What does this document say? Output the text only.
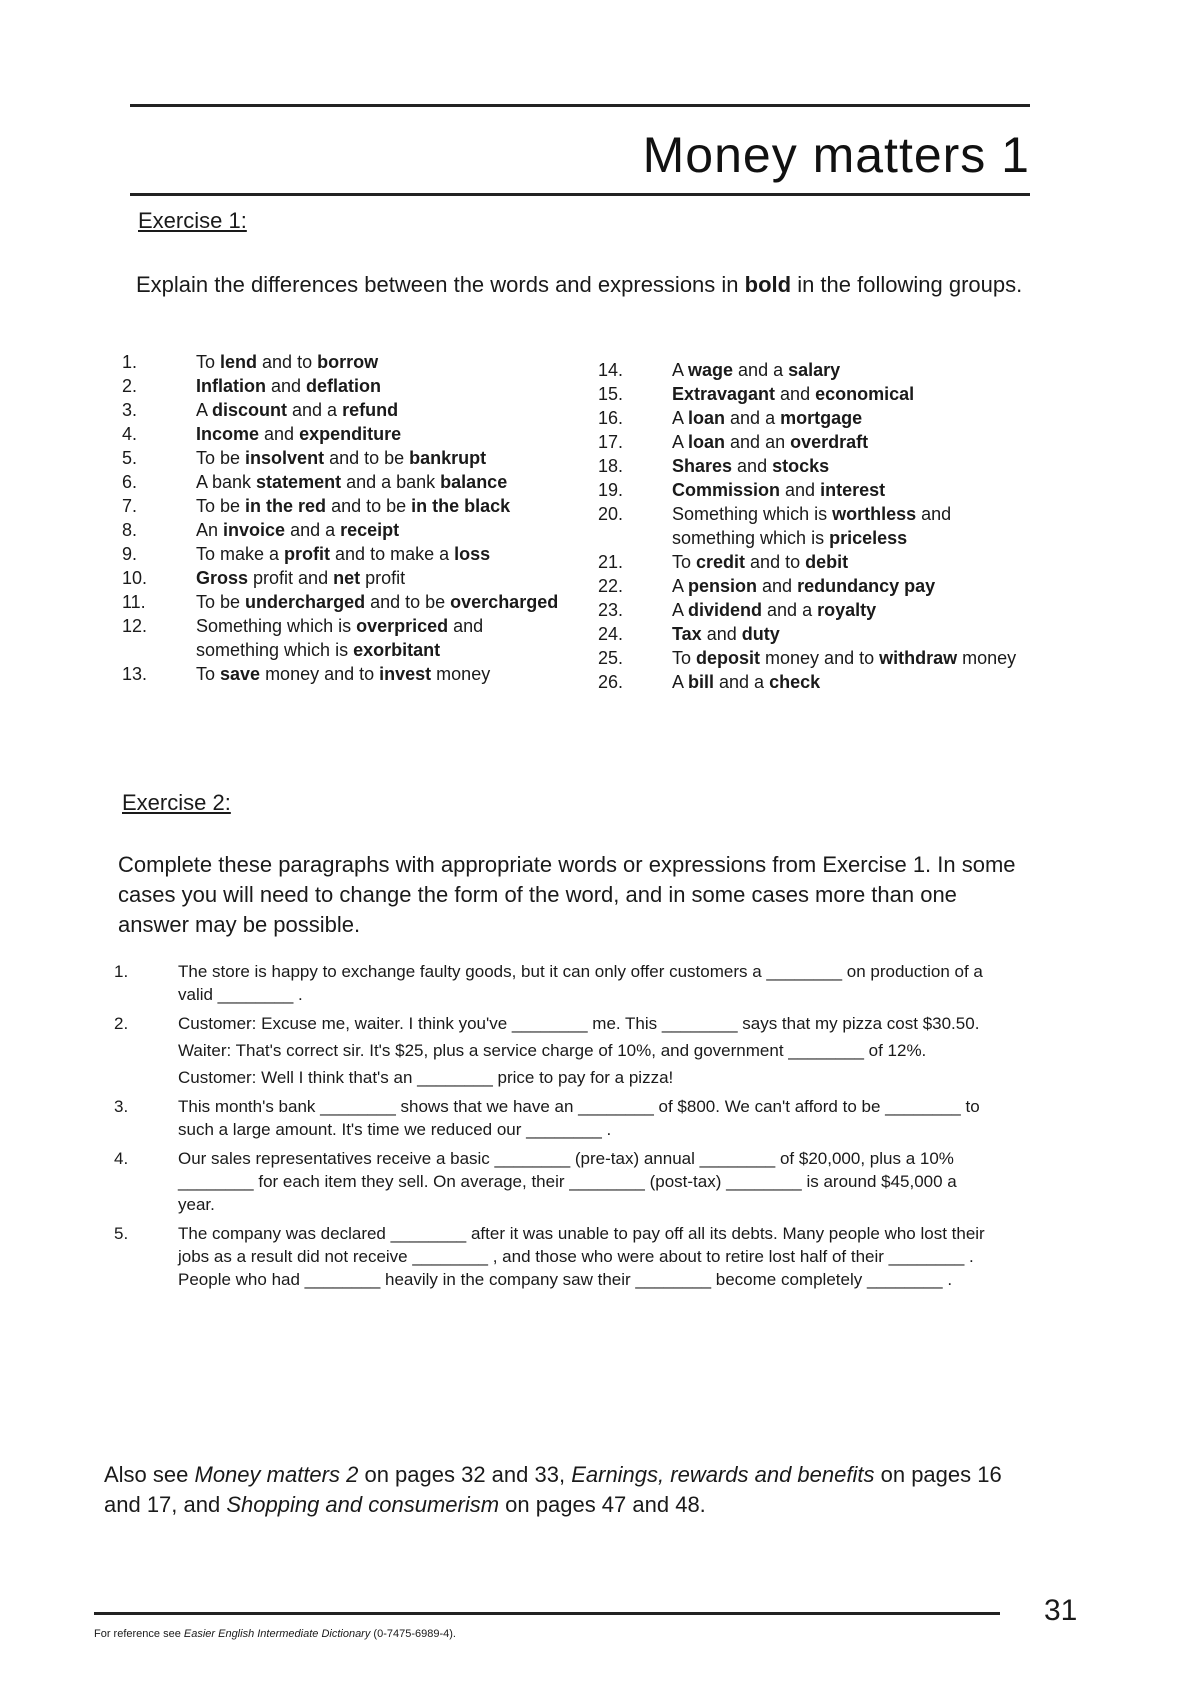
Money matters 1
Exercise 1:
Explain the differences between the words and expressions in bold in the following groups.
1.	To lend and to borrow
2.	Inflation and deflation
3.	A discount and a refund
4.	Income and expenditure
5.	To be insolvent and to be bankrupt
6.	A bank statement and a bank balance
7.	To be in the red and to be in the black
8.	An invoice and a receipt
9.	To make a profit and to make a loss
10.	Gross profit and net profit
11.	To be undercharged and to be overcharged
12.	Something which is overpriced and something which is exorbitant
13.	To save money and to invest money
14.	A wage and a salary
15.	Extravagant and economical
16.	A loan and a mortgage
17.	A loan and an overdraft
18.	Shares and stocks
19.	Commission and interest
20.	Something which is worthless and something which is priceless
21.	To credit and to debit
22.	A pension and redundancy pay
23.	A dividend and a royalty
24.	Tax and duty
25.	To deposit money and to withdraw money
26.	A bill and a check
Exercise 2:
Complete these paragraphs with appropriate words or expressions from Exercise 1. In some cases you will need to change the form of the word, and in some cases more than one answer may be possible.
1.	The store is happy to exchange faulty goods, but it can only offer customers a ________ on production of a valid ________ .

2.	Customer: Excuse me, waiter. I think you've ________ me. This ________ says that my pizza cost $30.50.

Waiter: That's correct sir. It's $25, plus a service charge of 10%, and government ________ of 12%.

Customer: Well I think that's an ________ price to pay for a pizza!

3.	This month's bank ________ shows that we have an ________ of $800. We can't afford to be ________ to such a large amount. It's time we reduced our ________ .

4.	Our sales representatives receive a basic ________ (pre-tax) annual ________ of $20,000, plus a 10% ________ for each item they sell. On average, their ________ (post-tax) ________ is around $45,000 a year.

5.	The company was declared ________ after it was unable to pay off all its debts. Many people who lost their jobs as a result did not receive ________ , and those who were about to retire lost half of their ________ . People who had ________ heavily in the company saw their ________ become completely ________ .

Also see Money matters 2 on pages 32 and 33, Earnings, rewards and benefits on pages 16 and 17, and Shopping and consumerism on pages 47 and 48.
31
For reference see Easier English Intermediate Dictionary (0-7475-6989-4).
